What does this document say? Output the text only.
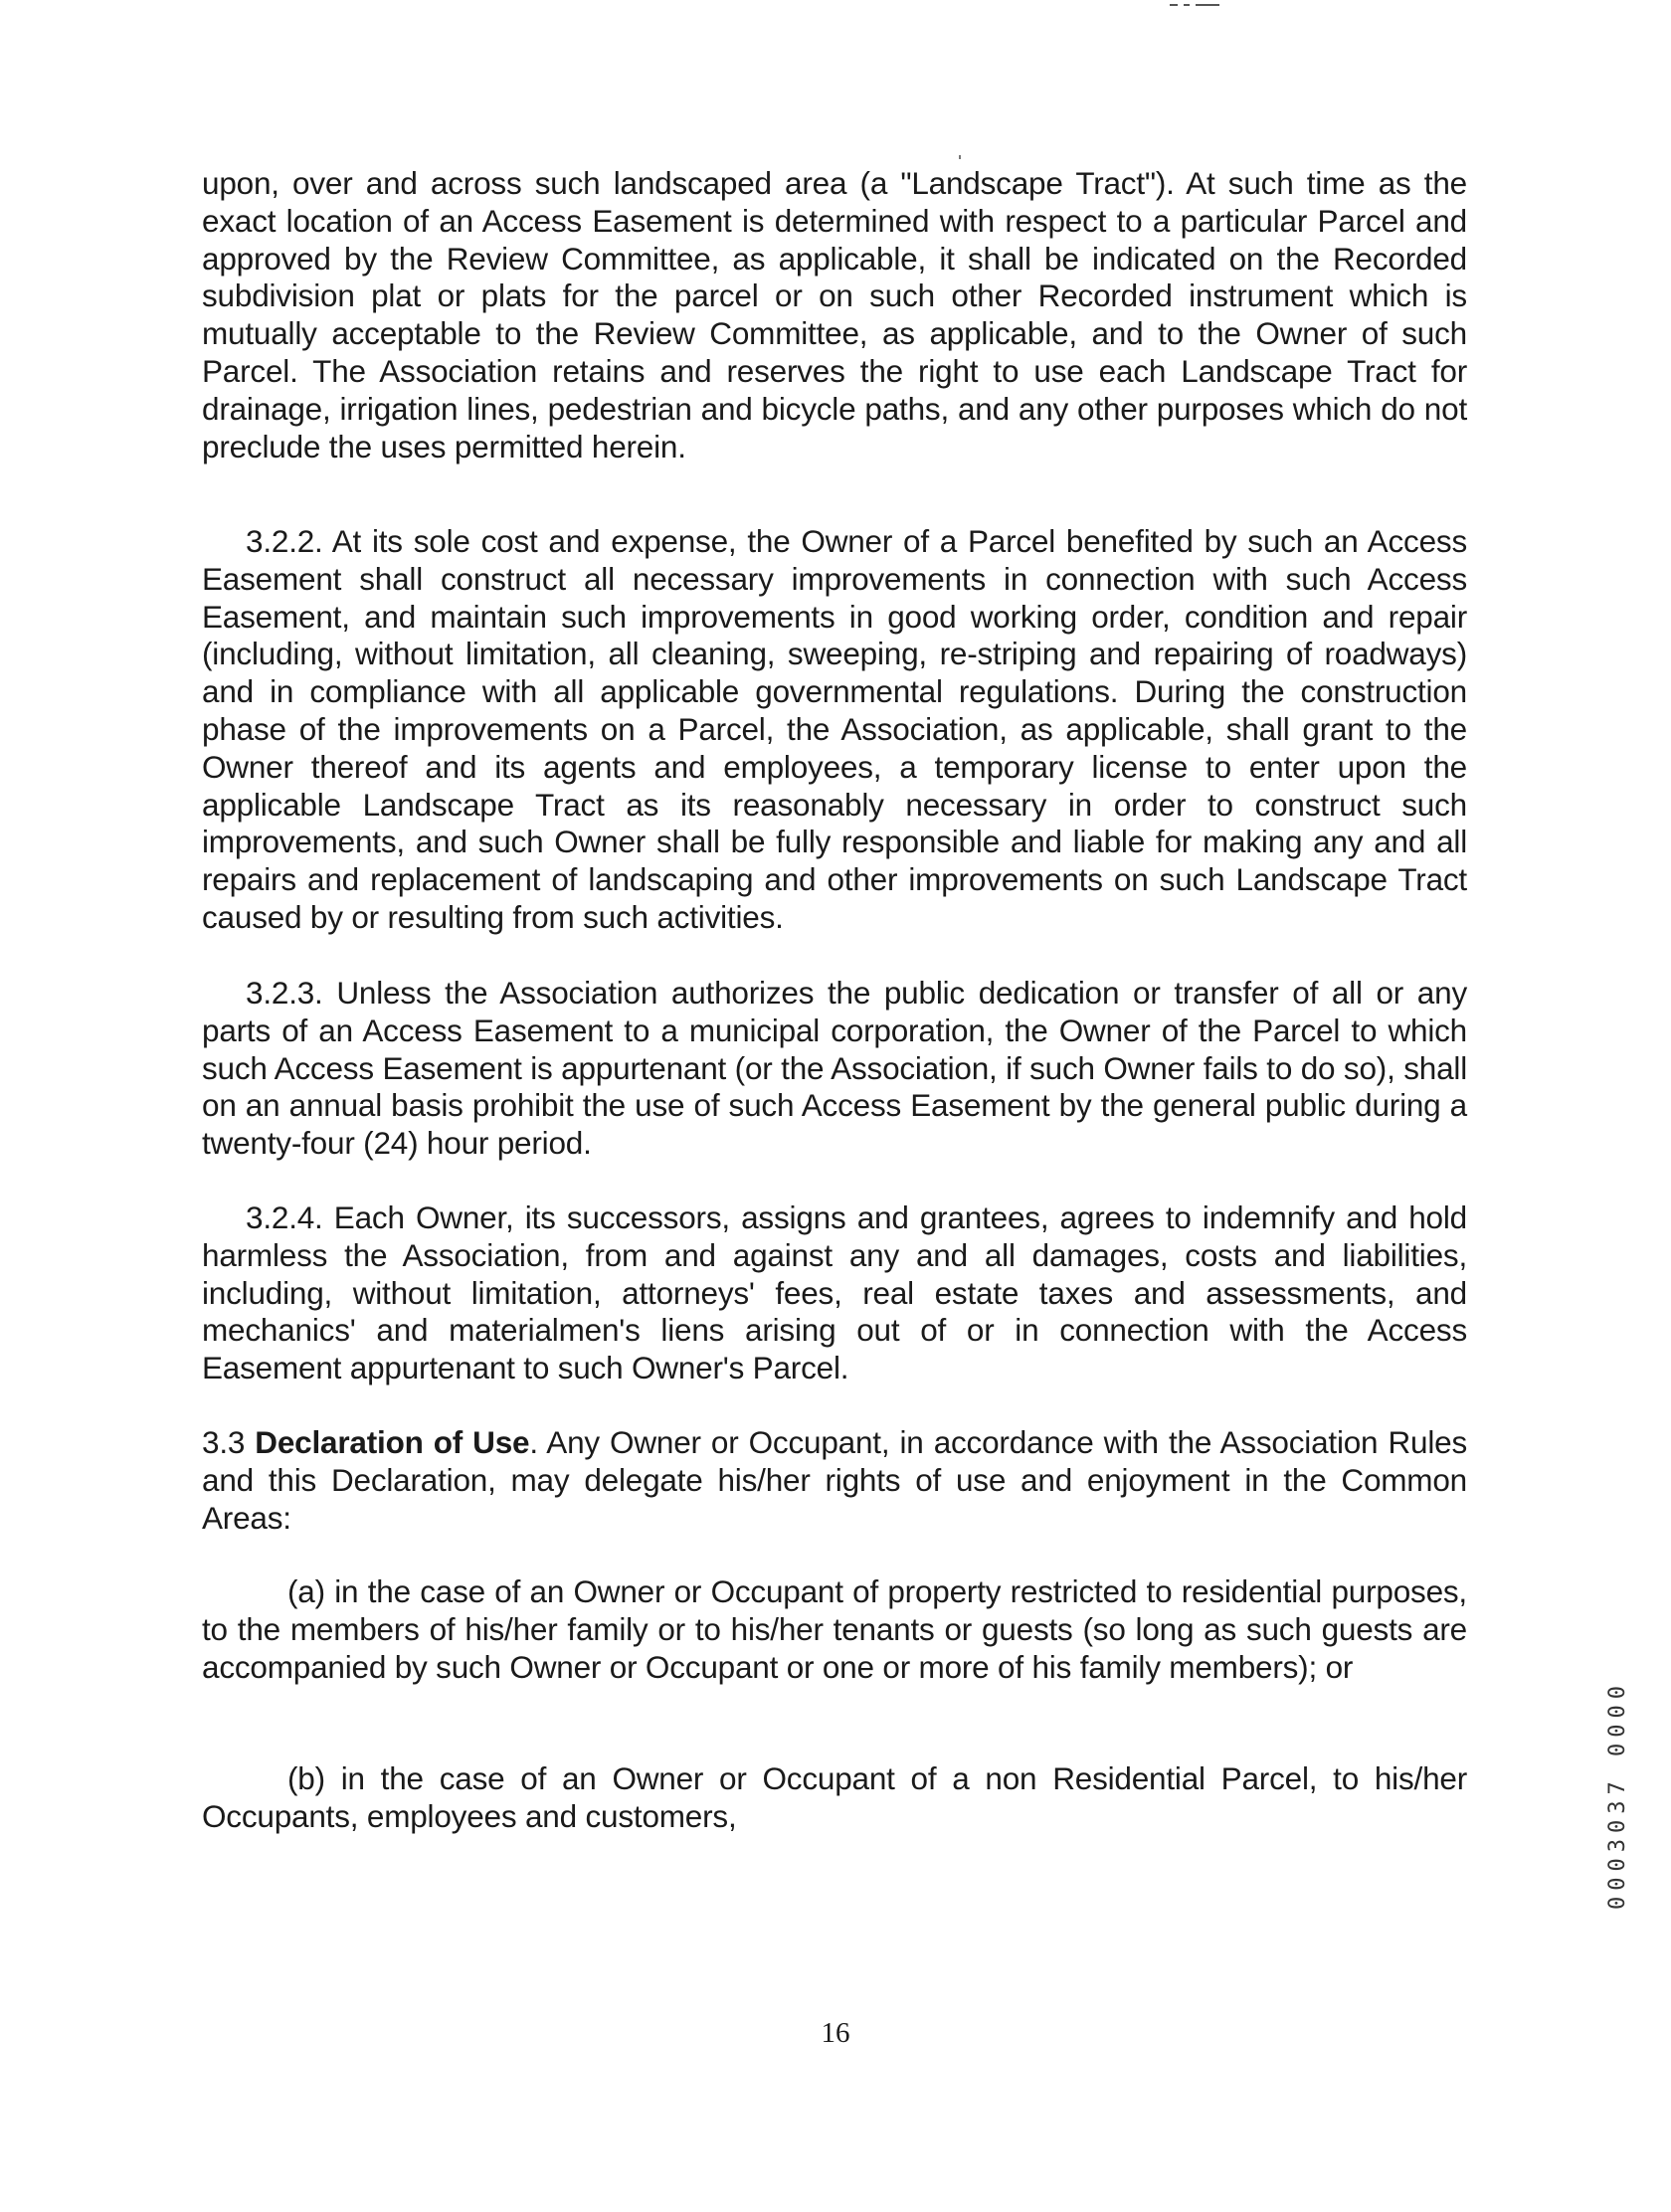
upon, over and across such landscaped area (a "Landscape Tract"). At such time as the exact location of an Access Easement is determined with respect to a particular Parcel and approved by the Review Committee, as applicable, it shall be indicated on the Recorded subdivision plat or plats for the parcel or on such other Recorded instrument which is mutually acceptable to the Review Committee, as applicable, and to the Owner of such Parcel. The Association retains and reserves the right to use each Landscape Tract for drainage, irrigation lines, pedestrian and bicycle paths, and any other purposes which do not preclude the uses permitted herein.

3.2.2. At its sole cost and expense, the Owner of a Parcel benefited by such an Access Easement shall construct all necessary improvements in connection with such Access Easement, and maintain such improvements in good working order, condition and repair (including, without limitation, all cleaning, sweeping, re-striping and repairing of roadways) and in compliance with all applicable governmental regulations. During the construction phase of the improvements on a Parcel, the Association, as applicable, shall grant to the Owner thereof and its agents and employees, a temporary license to enter upon the applicable Landscape Tract as its reasonably necessary in order to construct such improvements, and such Owner shall be fully responsible and liable for making any and all repairs and replacement of landscaping and other improvements on such Landscape Tract caused by or resulting from such activities.

3.2.3. Unless the Association authorizes the public dedication or transfer of all or any parts of an Access Easement to a municipal corporation, the Owner of the Parcel to which such Access Easement is appurtenant (or the Association, if such Owner fails to do so), shall on an annual basis prohibit the use of such Access Easement by the general public during a twenty-four (24) hour period.

3.2.4. Each Owner, its successors, assigns and grantees, agrees to indemnify and hold harmless the Association, from and against any and all damages, costs and liabilities, including, without limitation, attorneys' fees, real estate taxes and assessments, and mechanics' and materialmen's liens arising out of or in connection with the Access Easement appurtenant to such Owner's Parcel.

3.3 Declaration of Use. Any Owner or Occupant, in accordance with the Association Rules and this Declaration, may delegate his/her rights of use and enjoyment in the Common Areas:

(a) in the case of an Owner or Occupant of property restricted to residential purposes, to the members of his/her family or to his/her tenants or guests (so long as such guests are accompanied by such Owner or Occupant or one or more of his family members); or

(b) in the case of an Owner or Occupant of a non Residential Parcel, to his/her Occupants, employees and customers,	0003037 0000
16
